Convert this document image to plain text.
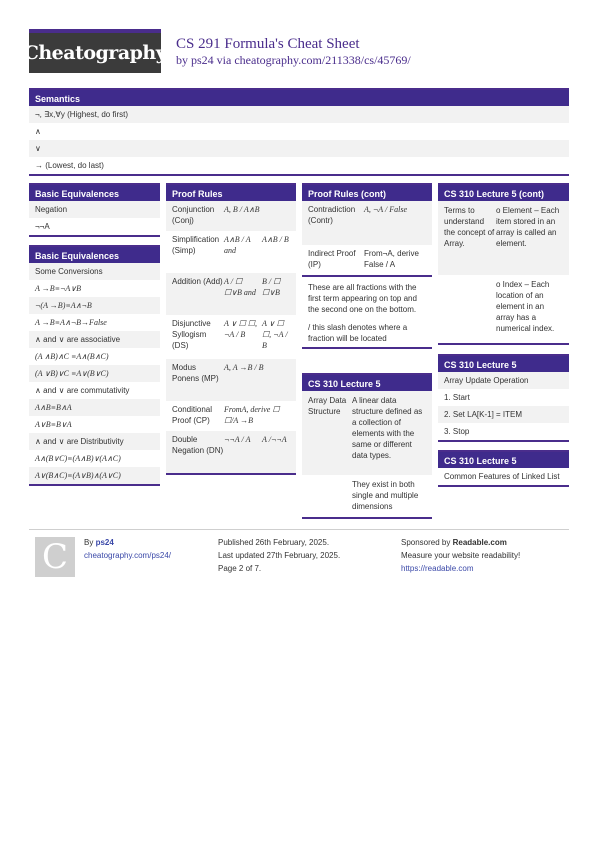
Cheatography CS 291 Formula's Cheat Sheet
by ps24 via cheatography.com/211338/cs/45769/
Semantics
¬, ∃x,∀y (Highest, do first)
∧
∨
→ (Lowest, do last)
Basic Equivalences
Negation
¬¬A
Basic Equivalences
Some Conversions
A →B≡¬A∨B
¬(A →B)≡A∧¬B
A →B≡A∧¬B→False
∧ and ∨ are associative
(A ∧B)∧C ≡A∧(B∧C)
(A ∨B)∨C ≡A∨(B∨C)
∧ and ∨ are commutativity
A∧B≡B∧A
A∨B≡B∨A
∧ and ∨ are Distributivity
A∧(B∨C)≡(A∧B)∨(A∧C)
A∨(B∧C)≡(A∨B)∧(A∨C)
Proof Rules
Conjunction (Conj)
A, B / A∧B
Simplification (Simp)
A∧B / A and
A∧B / B
Addition (Add) A / ☐ ☐∨B and
B / ☐ ☐∨B
Disjunctive Syllogism (DS)
A ∨ ☐ ☐, ¬A / B
A ∨ ☐ ☐, ¬A / B
Modus Ponens (MP)
A, A →B / B
Conditional Proof (CP)
FromA, derive ☐ ☐/A →B
Double Negation (DN)
¬¬A / A	A /¬¬A
Proof Rules (cont)
Contradiction (Contr)
A, ¬A / False
Indirect Proof (IP)
From¬A, derive False / A
These are all fractions with the first term appearing on top and the second one on the bottom.
/ this slash denotes where a fraction will be located
CS 310 Lecture 5
Array Data Structure
A linear data structure defined as a collection of elements with the same or different data types.
They exist in both single and multiple dimensions
CS 310 Lecture 5 (cont)
Terms to understand the concept of Array.
o Element – Each item stored in an array is called an element.
o Index – Each location of an element in an array has a numerical index.
CS 310 Lecture 5
Array Update Operation
1. Start
2. Set LA[K-1] = ITEM
3. Stop
CS 310 Lecture 5
Common Features of Linked List
C	By ps24
cheatography.com/ps24/
Published 26th February, 2025.
Last updated 27th February, 2025.
Page 2 of 7.
Sponsored by Readable.com
Measure your website readability!
https://readable.com
